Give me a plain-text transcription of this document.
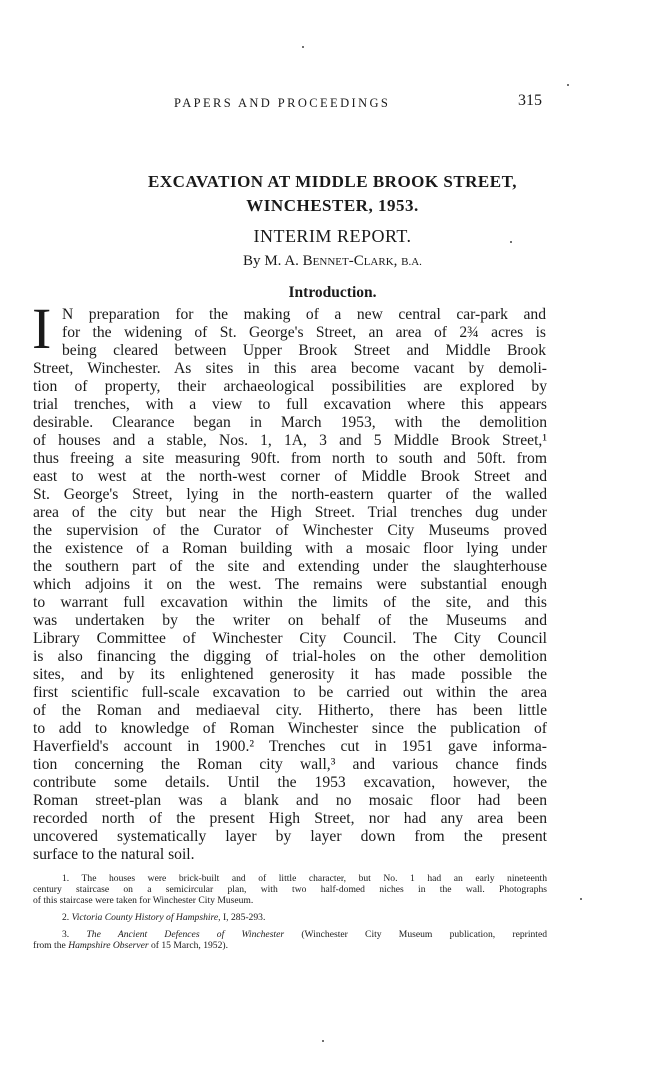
PAPERS AND PROCEEDINGS	315
EXCAVATION AT MIDDLE BROOK STREET,
WINCHESTER, 1953.
INTERIM REPORT.
By M. A. Bennet-Clark, B.A.
Introduction.
I N preparation for the making of a new central car-park and
for the widening of St. George's Street, an area of 2¾ acres is
being cleared between Upper Brook Street and Middle Brook
Street, Winchester. As sites in this area become vacant by demoli-
tion of property, their archaeological possibilities are explored by
trial trenches, with a view to full excavation where this appears
desirable. Clearance began in March 1953, with the demolition
of houses and a stable, Nos. 1, 1A, 3 and 5 Middle Brook Street,¹
thus freeing a site measuring 90ft. from north to south and 50ft. from
east to west at the north-west corner of Middle Brook Street and
St. George's Street, lying in the north-eastern quarter of the walled
area of the city but near the High Street. Trial trenches dug under
the supervision of the Curator of Winchester City Museums proved
the existence of a Roman building with a mosaic floor lying under
the southern part of the site and extending under the slaughterhouse
which adjoins it on the west. The remains were substantial enough
to warrant full excavation within the limits of the site, and this
was undertaken by the writer on behalf of the Museums and
Library Committee of Winchester City Council. The City Council
is also financing the digging of trial-holes on the other demolition
sites, and by its enlightened generosity it has made possible the
first scientific full-scale excavation to be carried out within the area
of the Roman and mediaeval city. Hitherto, there has been little
to add to knowledge of Roman Winchester since the publication of
Haverfield's account in 1900.² Trenches cut in 1951 gave informa-
tion concerning the Roman city wall,³ and various chance finds
contribute some details. Until the 1953 excavation, however, the
Roman street-plan was a blank and no mosaic floor had been
recorded north of the present High Street, nor had any area been
uncovered systematically layer by layer down from the present
surface to the natural soil.
1. The houses were brick-built and of little character, but No. 1 had an early nineteenth
century staircase on a semicircular plan, with two half-domed niches in the wall. Photographs
of this staircase were taken for Winchester City Museum.
2. Victoria County History of Hampshire, I, 285-293.
3. The Ancient Defences of Winchester (Winchester City Museum publication, reprinted
from the Hampshire Observer of 15 March, 1952).
